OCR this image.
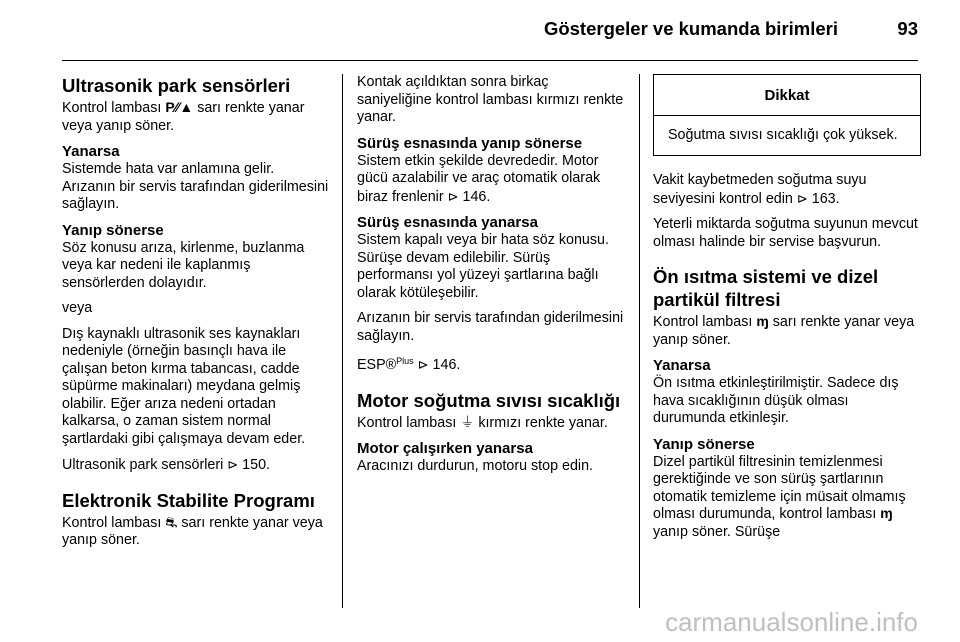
Göstergeler ve kumanda birimleri	93
Ultrasonik park sensörleri

Kontrol lambası P⁄⁄▲ sarı renkte yanar veya yanıp söner.

Yanarsa

Sistemde hata var anlamına gelir. Arızanın bir servis tarafından giderilmesini sağlayın.

Yanıp sönerse

Söz konusu arıza, kirlenme, buzlanma veya kar nedeni ile kaplanmış sensörlerden dolayıdır.

veya

Dış kaynaklı ultrasonik ses kaynakları nedeniyle (örneğin basınçlı hava ile çalışan beton kırma tabancası, cadde süpürme makinaları) meydana gelmiş olabilir. Eğer arıza nedeni ortadan kalkarsa, o zaman sistem normal şartlardaki gibi çalışmaya devam eder.

Ultrasonik park sensörleri ⊳ 150.

Elektronik Stabilite Programı

Kontrol lambası ⛐ sarı renkte yanar veya yanıp söner.

Kontak açıldıktan sonra birkaç saniyeliğine kontrol lambası kırmızı renkte yanar.

Sürüş esnasında yanıp sönerse

Sistem etkin şekilde devrededir. Motor gücü azalabilir ve araç otomatik olarak biraz frenlenir ⊳ 146.

Sürüş esnasında yanarsa

Sistem kapalı veya bir hata söz konusu. Sürüşe devam edilebilir. Sürüş performansı yol yüzeyi şartlarına bağlı olarak kötüleşebilir.

Arızanın bir servis tarafından giderilmesini sağlayın.

ESP®$^{Plus}$ ⊳ 146.

Motor soğutma sıvısı sıcaklığı

Kontrol lambası ⏚ kırmızı renkte yanar.

Motor çalışırken yanarsa

Aracınızı durdurun, motoru stop edin.

Dikkat
Soğutma sıvısı sıcaklığı çok yüksek.

Vakit kaybetmeden soğutma suyu seviyesini kontrol edin ⊳ 163.

Yeterli miktarda soğutma suyunun mevcut olması halinde bir servise başvurun.

Ön ısıtma sistemi ve dizel partikül filtresi

Kontrol lambası ɱ sarı renkte yanar veya yanıp söner.

Yanarsa

Ön ısıtma etkinleştirilmiştir. Sadece dış hava sıcaklığının düşük olması durumunda etkinleşir.

Yanıp sönerse

Dizel partikül filtresinin temizlenmesi gerektiğinde ve son sürüş şartlarının otomatik temizleme için müsait olmamış olması durumunda, kontrol lambası ɱ yanıp söner. Sürüşe

carmanualsonline.info
